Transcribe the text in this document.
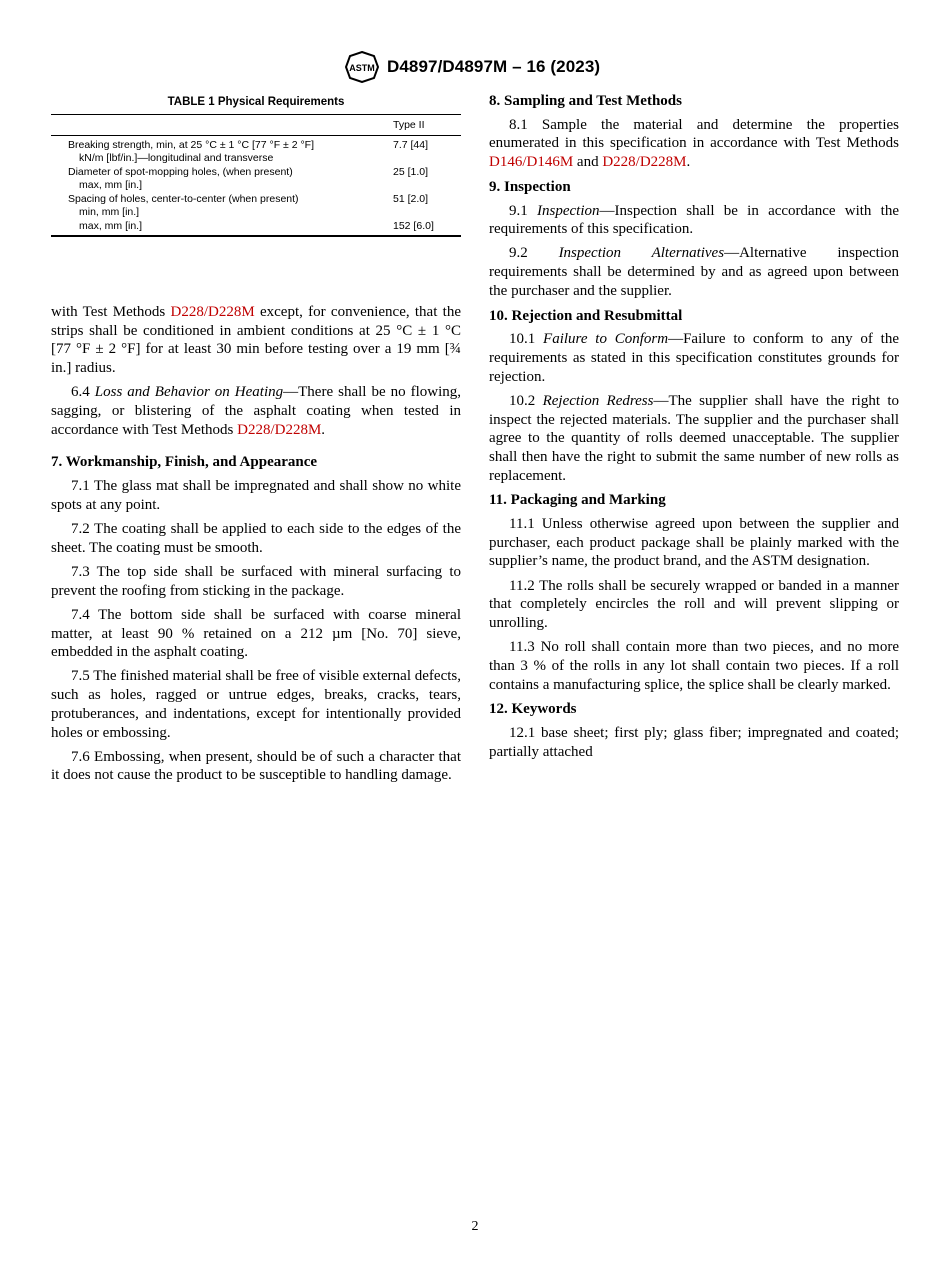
ASTM D4897/D4897M – 16 (2023)
TABLE 1 Physical Requirements
	Type II
Breaking strength, min, at 25 °C ± 1 °C [77 °F ± 2 °F]
kN/m [lbf/in.]—longitudinal and transverse	7.7 [44]
Diameter of spot-mopping holes, (when present)
max, mm [in.]	25 [1.0]
Spacing of holes, center-to-center (when present)
min, mm [in.]	51 [2.0]

max, mm [in.]	152 [6.0]

with Test Methods D228/D228M except, for convenience, that the strips shall be conditioned in ambient conditions at 25 °C ± 1 °C [77 °F ± 2 °F] for at least 30 min before testing over a 19 mm [¾ in.] radius.

6.4 Loss and Behavior on Heating—There shall be no flowing, sagging, or blistering of the asphalt coating when tested in accordance with Test Methods D228/D228M.

7. Workmanship, Finish, and Appearance

7.1 The glass mat shall be impregnated and shall show no white spots at any point.

7.2 The coating shall be applied to each side to the edges of the sheet. The coating must be smooth.

7.3 The top side shall be surfaced with mineral surfacing to prevent the roofing from sticking in the package.

7.4 The bottom side shall be surfaced with coarse mineral matter, at least 90 % retained on a 212 µm [No. 70] sieve, embedded in the asphalt coating.

7.5 The finished material shall be free of visible external defects, such as holes, ragged or untrue edges, breaks, cracks, tears, protuberances, and indentations, except for intentionally provided holes or embossing.

7.6 Embossing, when present, should be of such a character that it does not cause the product to be susceptible to handling damage.

8. Sampling and Test Methods

8.1 Sample the material and determine the properties enumerated in this specification in accordance with Test Methods D146/D146M and D228/D228M.

9. Inspection

9.1 Inspection—Inspection shall be in accordance with the requirements of this specification.

9.2 Inspection Alternatives—Alternative inspection requirements shall be determined by and as agreed upon between the purchaser and the supplier.

10. Rejection and Resubmittal

10.1 Failure to Conform—Failure to conform to any of the requirements as stated in this specification constitutes grounds for rejection.

10.2 Rejection Redress—The supplier shall have the right to inspect the rejected materials. The supplier and the purchaser shall agree to the quantity of rolls deemed unacceptable. The supplier shall then have the right to submit the same number of new rolls as replacement.

11. Packaging and Marking

11.1 Unless otherwise agreed upon between the supplier and purchaser, each product package shall be plainly marked with the supplier’s name, the product brand, and the ASTM designation.

11.2 The rolls shall be securely wrapped or banded in a manner that completely encircles the roll and will prevent slipping or unrolling.

11.3 No roll shall contain more than two pieces, and no more than 3 % of the rolls in any lot shall contain two pieces. If a roll contains a manufacturing splice, the splice shall be clearly marked.

12. Keywords

12.1 base sheet; first ply; glass fiber; impregnated and coated; partially attached

2
